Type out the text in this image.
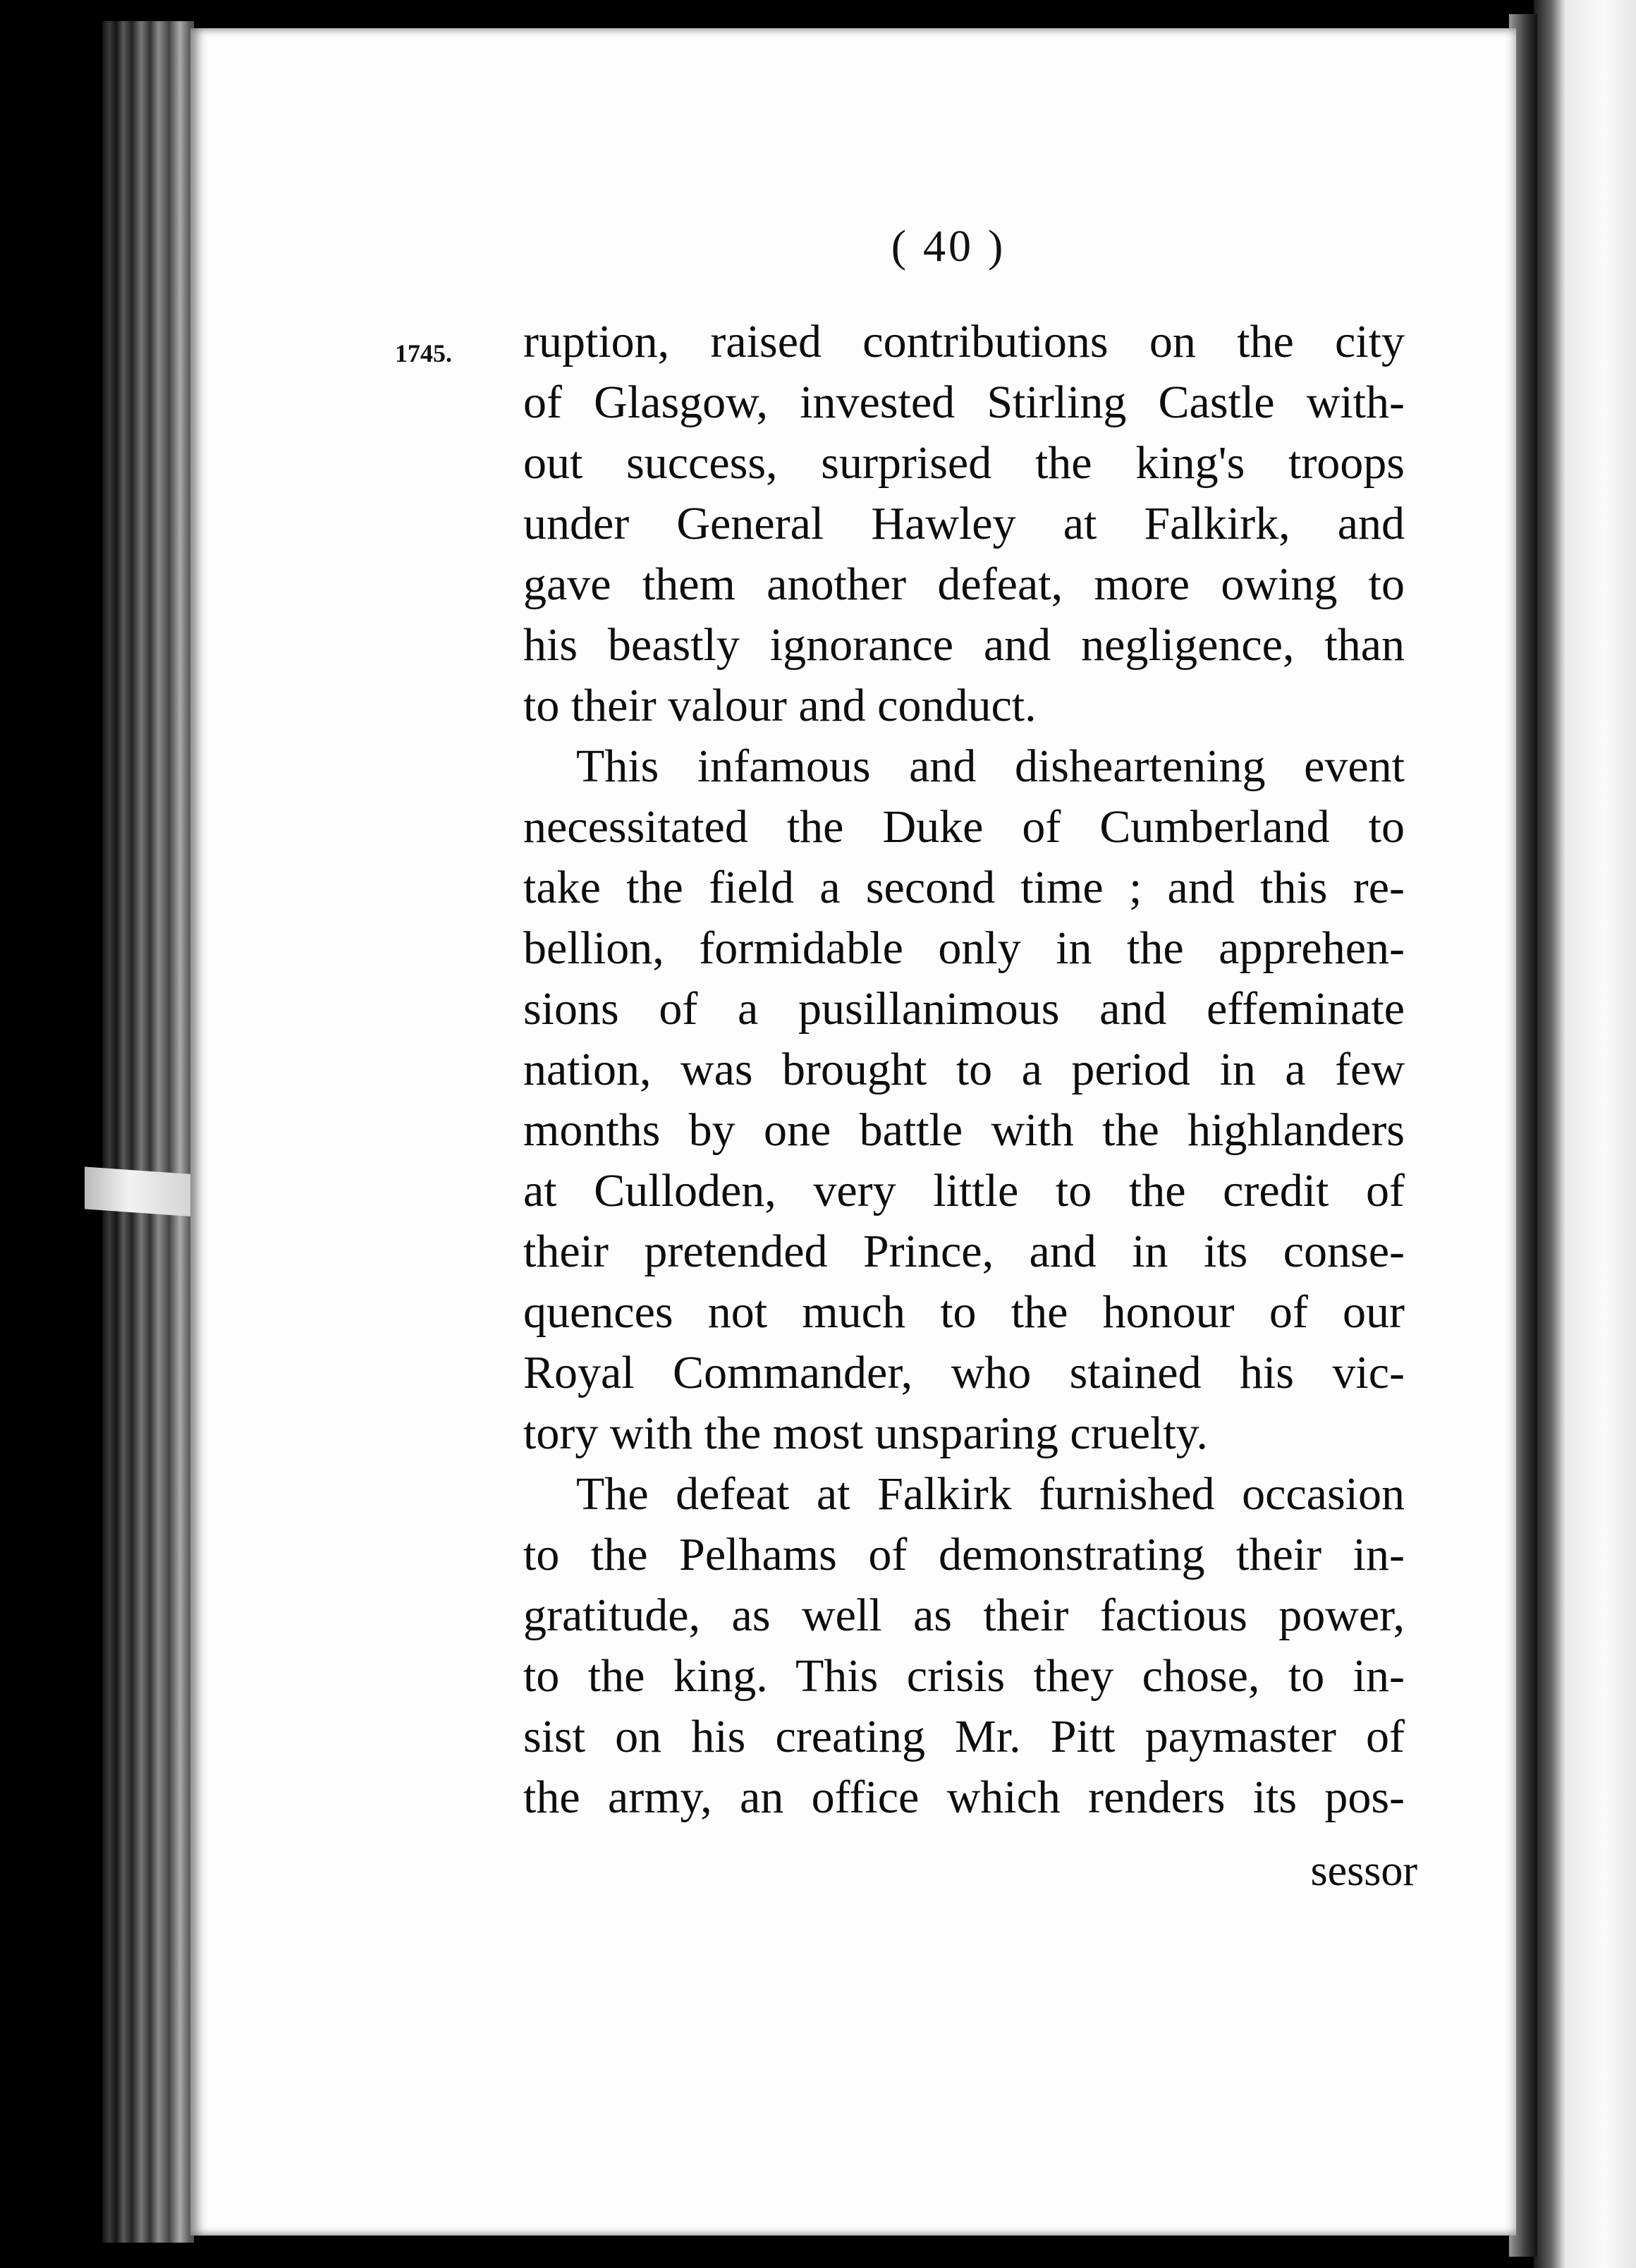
( 40 )
1745. ruption, raised contributions on the city
of Glasgow, invested Stirling Castle with-
out success, surprised the king's troops
under General Hawley at Falkirk, and
gave them another defeat, more owing to
his beastly ignorance and negligence, than
to their valour and conduct.
This infamous and disheartening event
necessitated the Duke of Cumberland to
take the field a second time ; and this re-
bellion, formidable only in the apprehen-
sions of a pusillanimous and effeminate
nation, was brought to a period in a few
months by one battle with the highlanders
at Culloden, very little to the credit of
their pretended Prince, and in its conse-
quences not much to the honour of our
Royal Commander, who stained his vic-
tory with the most unsparing cruelty.
The defeat at Falkirk furnished occasion
to the Pelhams of demonstrating their in-
gratitude, as well as their factious power,
to the king. This crisis they chose, to in-
sist on his creating Mr. Pitt paymaster of
the army, an office which renders its pos-
sessor
